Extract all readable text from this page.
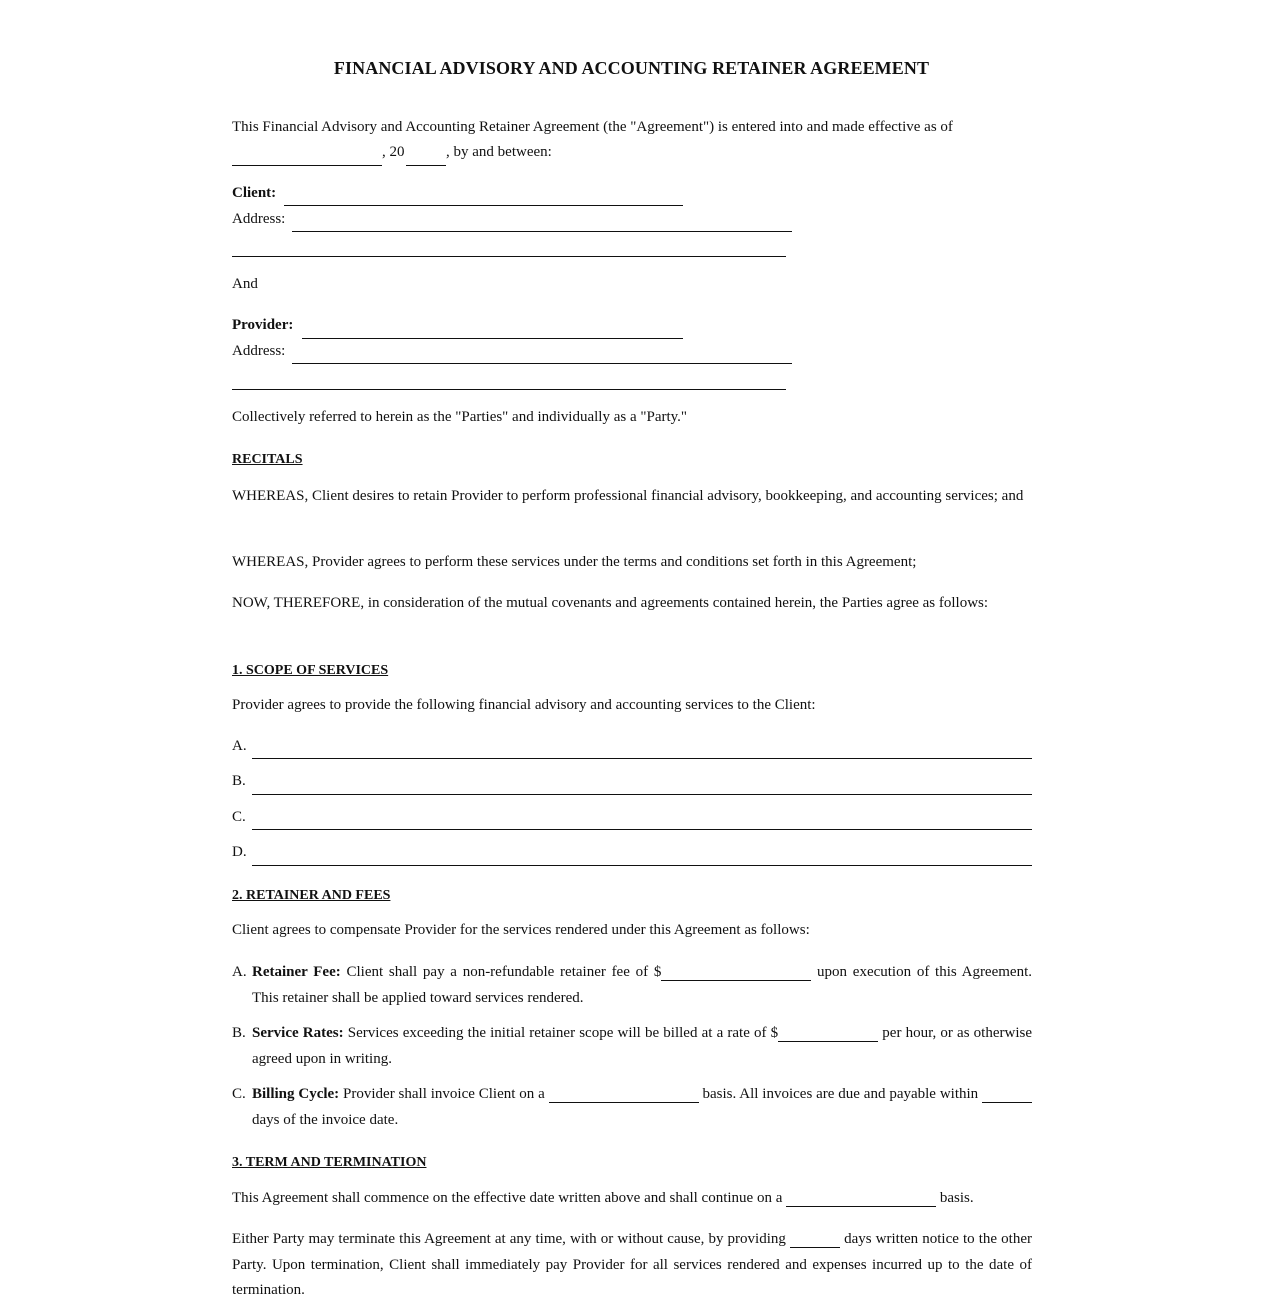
FINANCIAL ADVISORY AND ACCOUNTING RETAINER AGREEMENT
This Financial Advisory and Accounting Retainer Agreement (the "Agreement") is entered into and made effective as of
, 20	, by and between:
Client:
Address:
And
Provider:
Address:
Collectively referred to herein as the "Parties" and individually as a "Party."
RECITALS
WHEREAS, Client desires to retain Provider to perform professional financial advisory, bookkeeping, and accounting services; and
WHEREAS, Provider agrees to perform these services under the terms and conditions set forth in this Agreement;
NOW, THEREFORE, in consideration of the mutual covenants and agreements contained herein, the Parties agree as follows:
1. SCOPE OF SERVICES
Provider agrees to provide the following financial advisory and accounting services to the Client:
A.
B.
C.
D.
2. RETAINER AND FEES
Client agrees to compensate Provider for the services rendered under this Agreement as follows:
A. Retainer Fee: Client shall pay a non-refundable retainer fee of $	upon execution of this Agreement. This retainer shall be applied toward services rendered.
B. Service Rates: Services exceeding the initial retainer scope will be billed at a rate of $	per hour, or as otherwise agreed upon in writing.
C. Billing Cycle: Provider shall invoice Client on a	basis. All invoices are due and payable within  days of the invoice date.
3. TERM AND TERMINATION
This Agreement shall commence on the effective date written above and shall continue on a	basis.
Either Party may terminate this Agreement at any time, with or without cause, by providing	days written notice to the other Party. Upon termination, Client shall immediately pay Provider for all services rendered and expenses incurred up to the date of termination.
